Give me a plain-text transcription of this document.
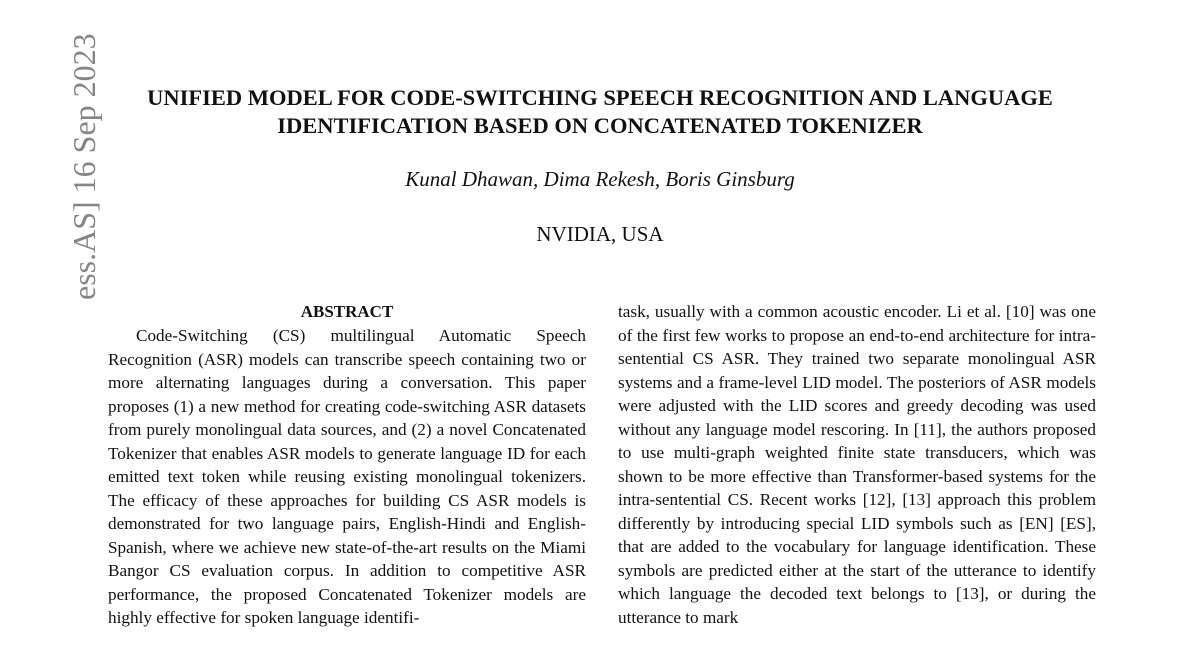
ess.AS] 16 Sep 2023	UNIFIED MODEL FOR CODE-SWITCHING SPEECH RECOGNITION AND LANGUAGE
IDENTIFICATION BASED ON CONCATENATED TOKENIZER

Kunal Dhawan, Dima Rekesh, Boris Ginsburg

NVIDIA, USA

ABSTRACT

Code-Switching (CS) multilingual Automatic Speech Recognition (ASR) models can transcribe speech containing two or more alternating languages during a conversation. This paper proposes (1) a new method for creating code-switching ASR datasets from purely monolingual data sources, and (2) a novel Concatenated Tokenizer that enables ASR models to generate language ID for each emitted text token while reusing existing monolingual tokenizers. The efficacy of these approaches for building CS ASR models is demonstrated for two language pairs, English-Hindi and English-Spanish, where we achieve new state-of-the-art results on the Miami Bangor CS evaluation corpus. In addition to competitive ASR performance, the proposed Concatenated Tokenizer models are highly effective for spoken language identifi-

task, usually with a common acoustic encoder. Li et al. [10] was one of the first few works to propose an end-to-end architecture for intra-sentential CS ASR. They trained two separate monolingual ASR systems and a frame-level LID model. The posteriors of ASR models were adjusted with the LID scores and greedy decoding was used without any language model rescoring. In [11], the authors proposed to use multi-graph weighted finite state transducers, which was shown to be more effective than Transformer-based systems for the intra-sentential CS. Recent works [12], [13] approach this problem differently by introducing special LID symbols such as [EN] [ES], that are added to the vocabulary for language identification. These symbols are predicted either at the start of the utterance to identify which language the decoded text belongs to [13], or during the utterance to mark
